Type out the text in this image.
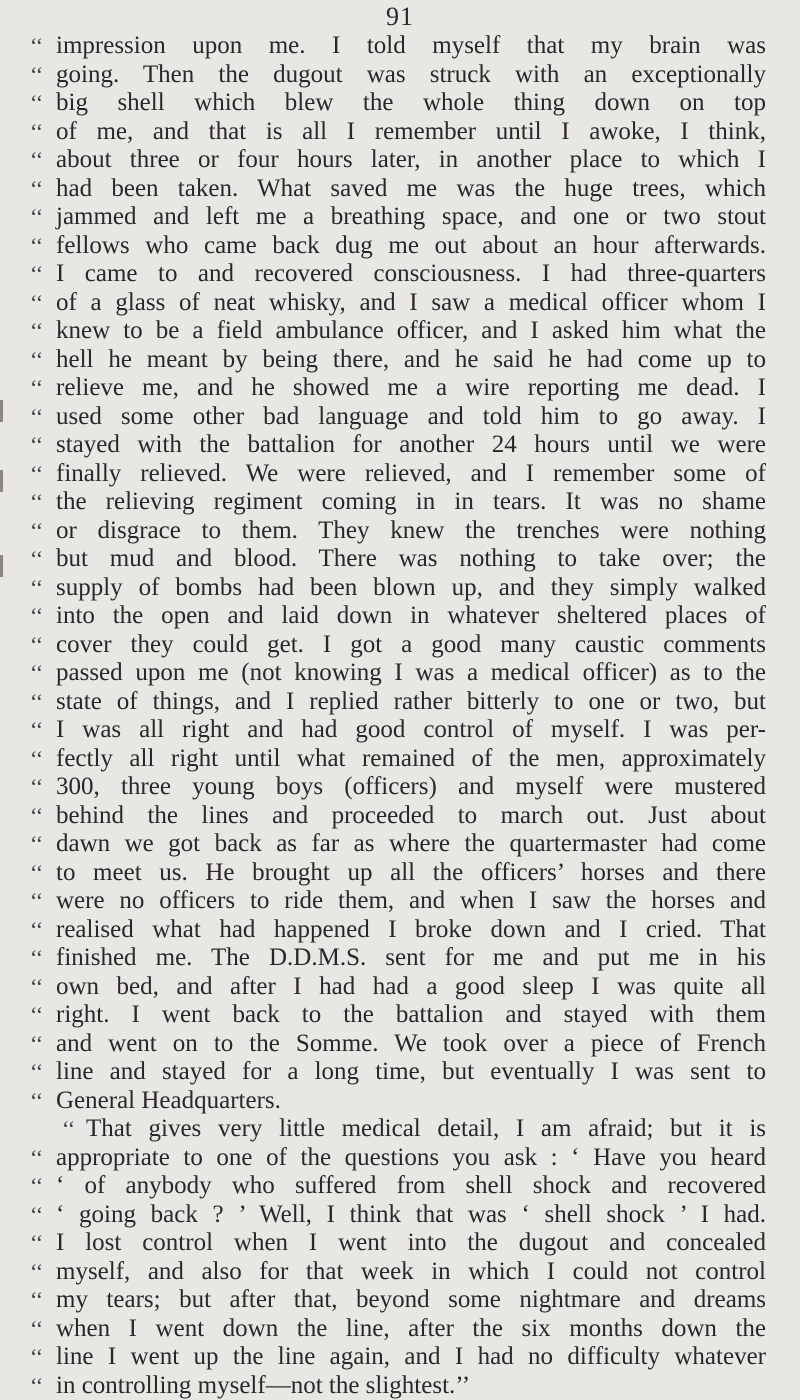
91
‘‘ impression upon me. I told myself that my brain was
‘‘ going. Then the dugout was struck with an exceptionally
‘‘ big shell which blew the whole thing down on top
‘‘ of me, and that is all I remember until I awoke, I think,
‘‘ about three or four hours later, in another place to which I
‘‘ had been taken. What saved me was the huge trees, which
‘‘ jammed and left me a breathing space, and one or two stout
‘‘ fellows who came back dug me out about an hour afterwards.
‘‘ I came to and recovered consciousness. I had three-quarters
‘‘ of a glass of neat whisky, and I saw a medical officer whom I
‘‘ knew to be a field ambulance officer, and I asked him what the
‘‘ hell he meant by being there, and he said he had come up to
‘‘ relieve me, and he showed me a wire reporting me dead. I
‘‘ used some other bad language and told him to go away. I
‘‘ stayed with the battalion for another 24 hours until we were
‘‘ finally relieved. We were relieved, and I remember some of
‘‘ the relieving regiment coming in in tears. It was no shame
‘‘ or disgrace to them. They knew the trenches were nothing
‘‘ but mud and blood. There was nothing to take over; the
‘‘ supply of bombs had been blown up, and they simply walked
‘‘ into the open and laid down in whatever sheltered places of
‘‘ cover they could get. I got a good many caustic comments
‘‘ passed upon me (not knowing I was a medical officer) as to the
‘‘ state of things, and I replied rather bitterly to one or two, but
‘‘ I was all right and had good control of myself. I was per-
‘‘ fectly all right until what remained of the men, approximately
‘‘ 300, three young boys (officers) and myself were mustered
‘‘ behind the lines and proceeded to march out. Just about
‘‘ dawn we got back as far as where the quartermaster had come
‘‘ to meet us. He brought up all the officers’ horses and there
‘‘ were no officers to ride them, and when I saw the horses and
‘‘ realised what had happened I broke down and I cried. That
‘‘ finished me. The D.D.M.S. sent for me and put me in his
‘‘ own bed, and after I had had a good sleep I was quite all
‘‘ right. I went back to the battalion and stayed with them
‘‘ and went on to the Somme. We took over a piece of French
‘‘ line and stayed for a long time, but eventually I was sent to
‘‘ General Headquarters.
‘‘ That gives very little medical detail, I am afraid; but it is
‘‘ appropriate to one of the questions you ask : ‘ Have you heard
‘‘ ‘ of anybody who suffered from shell shock and recovered
‘‘ ‘ going back ? ’ Well, I think that was ‘ shell shock ’ I had.
‘‘ I lost control when I went into the dugout and concealed
‘‘ myself, and also for that week in which I could not control
‘‘ my tears; but after that, beyond some nightmare and dreams
‘‘ when I went down the line, after the six months down the
‘‘ line I went up the line again, and I had no difficulty whatever
‘‘ in controlling myself—not the slightest.’’
